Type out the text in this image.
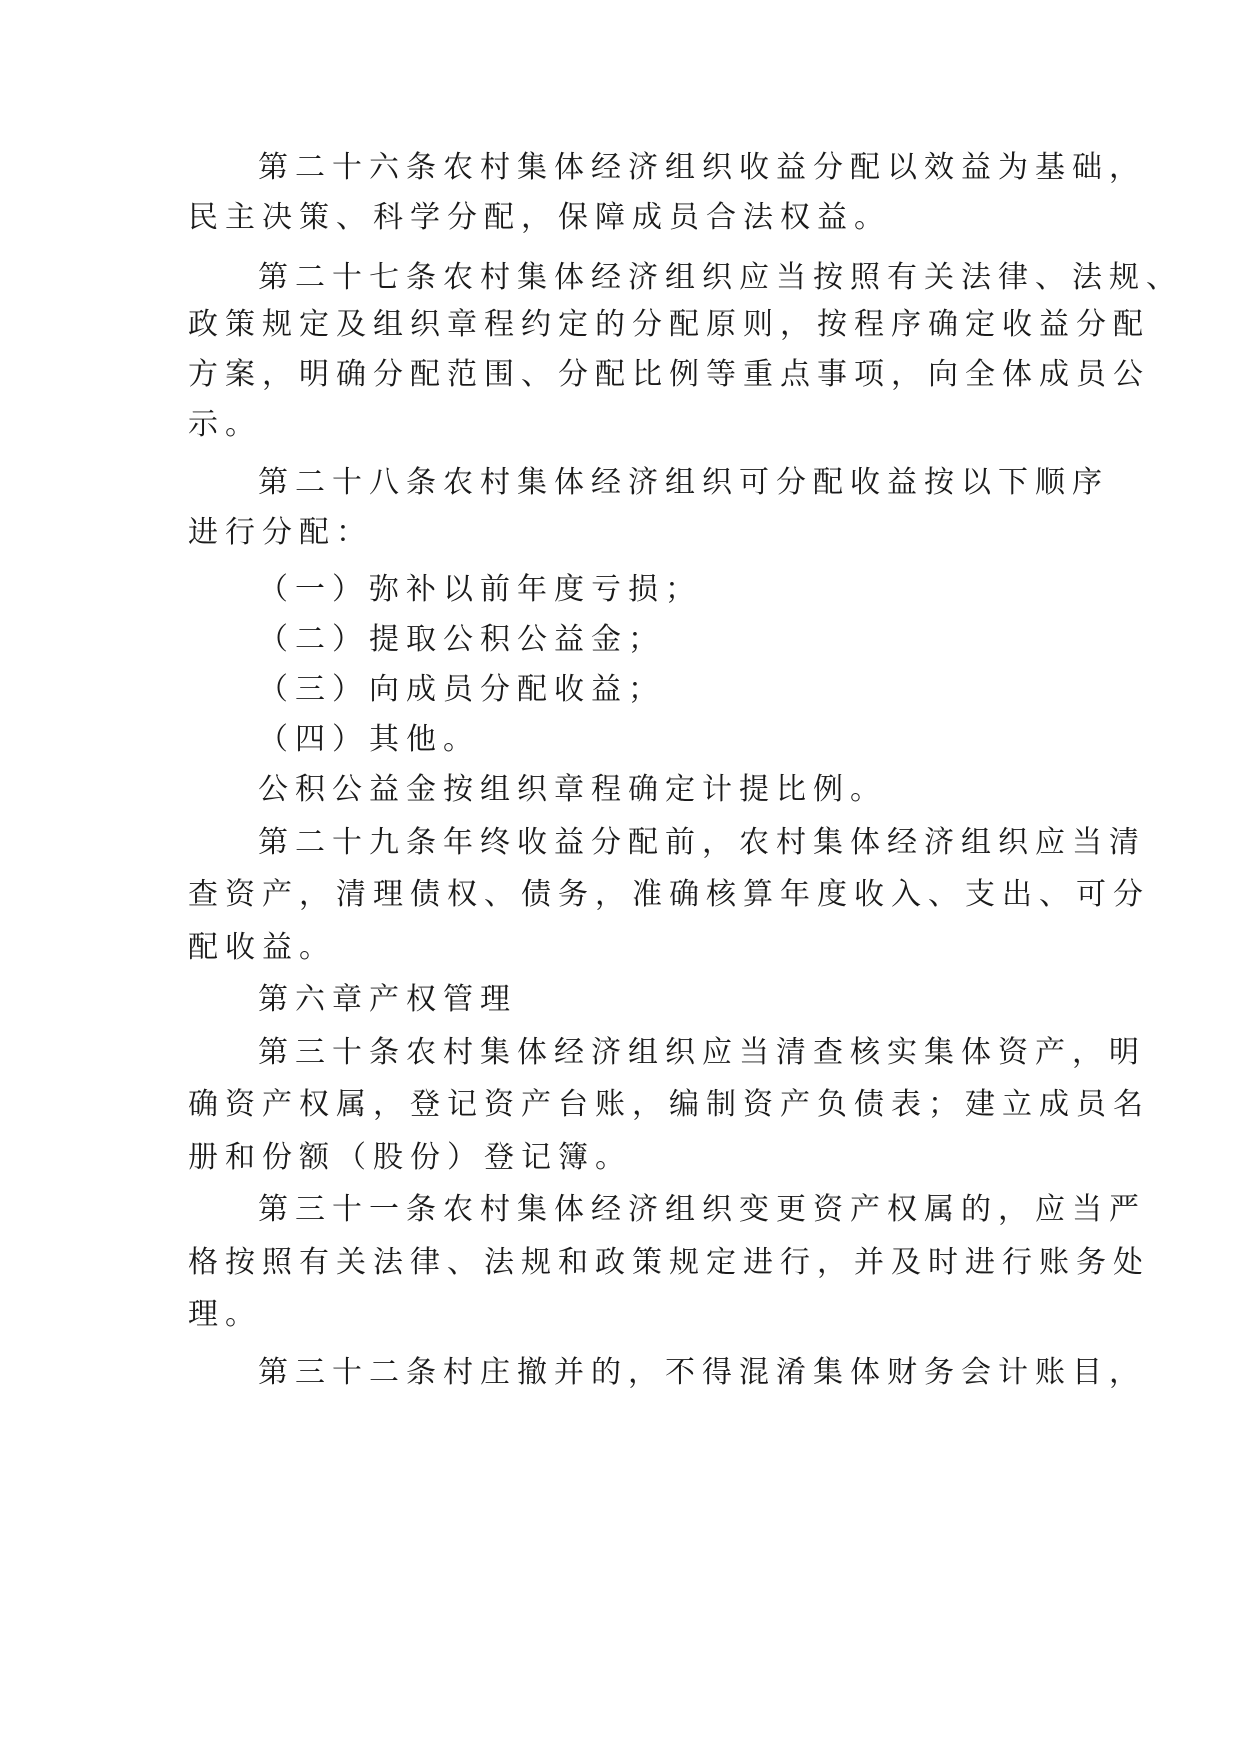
第二十六条农村集体经济组织收益分配以效益为基础，

民主决策、科学分配，保障成员合法权益。

第二十七条农村集体经济组织应当按照有关法律、法规、

政策规定及组织章程约定的分配原则，按程序确定收益分配

方案，明确分配范围、分配比例等重点事项，向全体成员公

示。

第二十八条农村集体经济组织可分配收益按以下顺序

进行分配：

（一）弥补以前年度亏损；

（二）提取公积公益金；

（三）向成员分配收益；

（四）其他。

公积公益金按组织章程确定计提比例。

第二十九条年终收益分配前，农村集体经济组织应当清

查资产，清理债权、债务，准确核算年度收入、支出、可分

配收益。

第六章产权管理

第三十条农村集体经济组织应当清查核实集体资产，明

确资产权属，登记资产台账，编制资产负债表；建立成员名

册和份额（股份）登记簿。

第三十一条农村集体经济组织变更资产权属的，应当严

格按照有关法律、法规和政策规定进行，并及时进行账务处

理。

第三十二条村庄撤并的，不得混淆集体财务会计账目，
